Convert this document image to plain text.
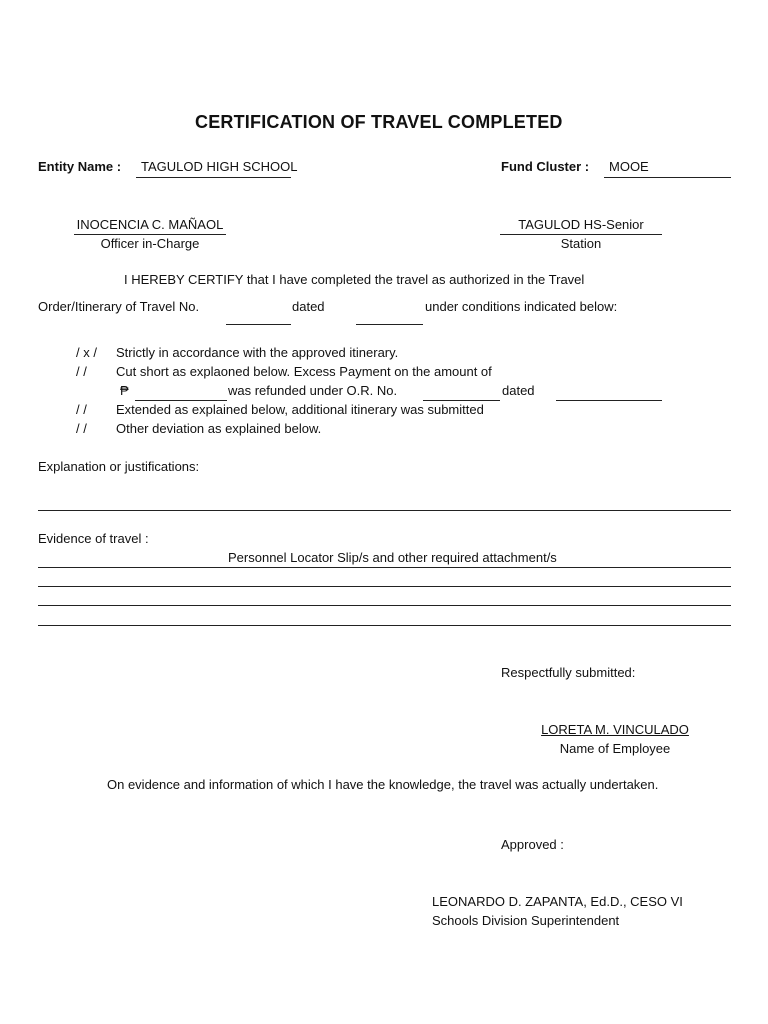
CERTIFICATION OF TRAVEL COMPLETED
Entity Name : TAGULOD HIGH SCHOOL	Fund Cluster : MOOE
INOCENCIA C. MAÑAOL
Officer in-Charge
TAGULOD HS-Senior
Station
I HEREBY CERTIFY that I have completed the travel as authorized in the Travel
Order/Itinerary of Travel No.	dated	under conditions indicated below:
/ x / Strictly in accordance with the approved itinerary.
/ / Cut short as explaoned below. Excess Payment on the amount of
₱	was refunded under O.R. No.	dated
/ / Extended as explained below, additional itinerary was submitted
/ / Other deviation as explained below.
Explanation or justifications:
Evidence of travel :
Personnel Locator Slip/s and other required attachment/s
Respectfully submitted:
LORETA M. VINCULADO
Name of Employee
On evidence and information of which I have the knowledge, the travel was actually undertaken.
Approved :
LEONARDO D. ZAPANTA, Ed.D., CESO VI
Schools Division Superintendent
